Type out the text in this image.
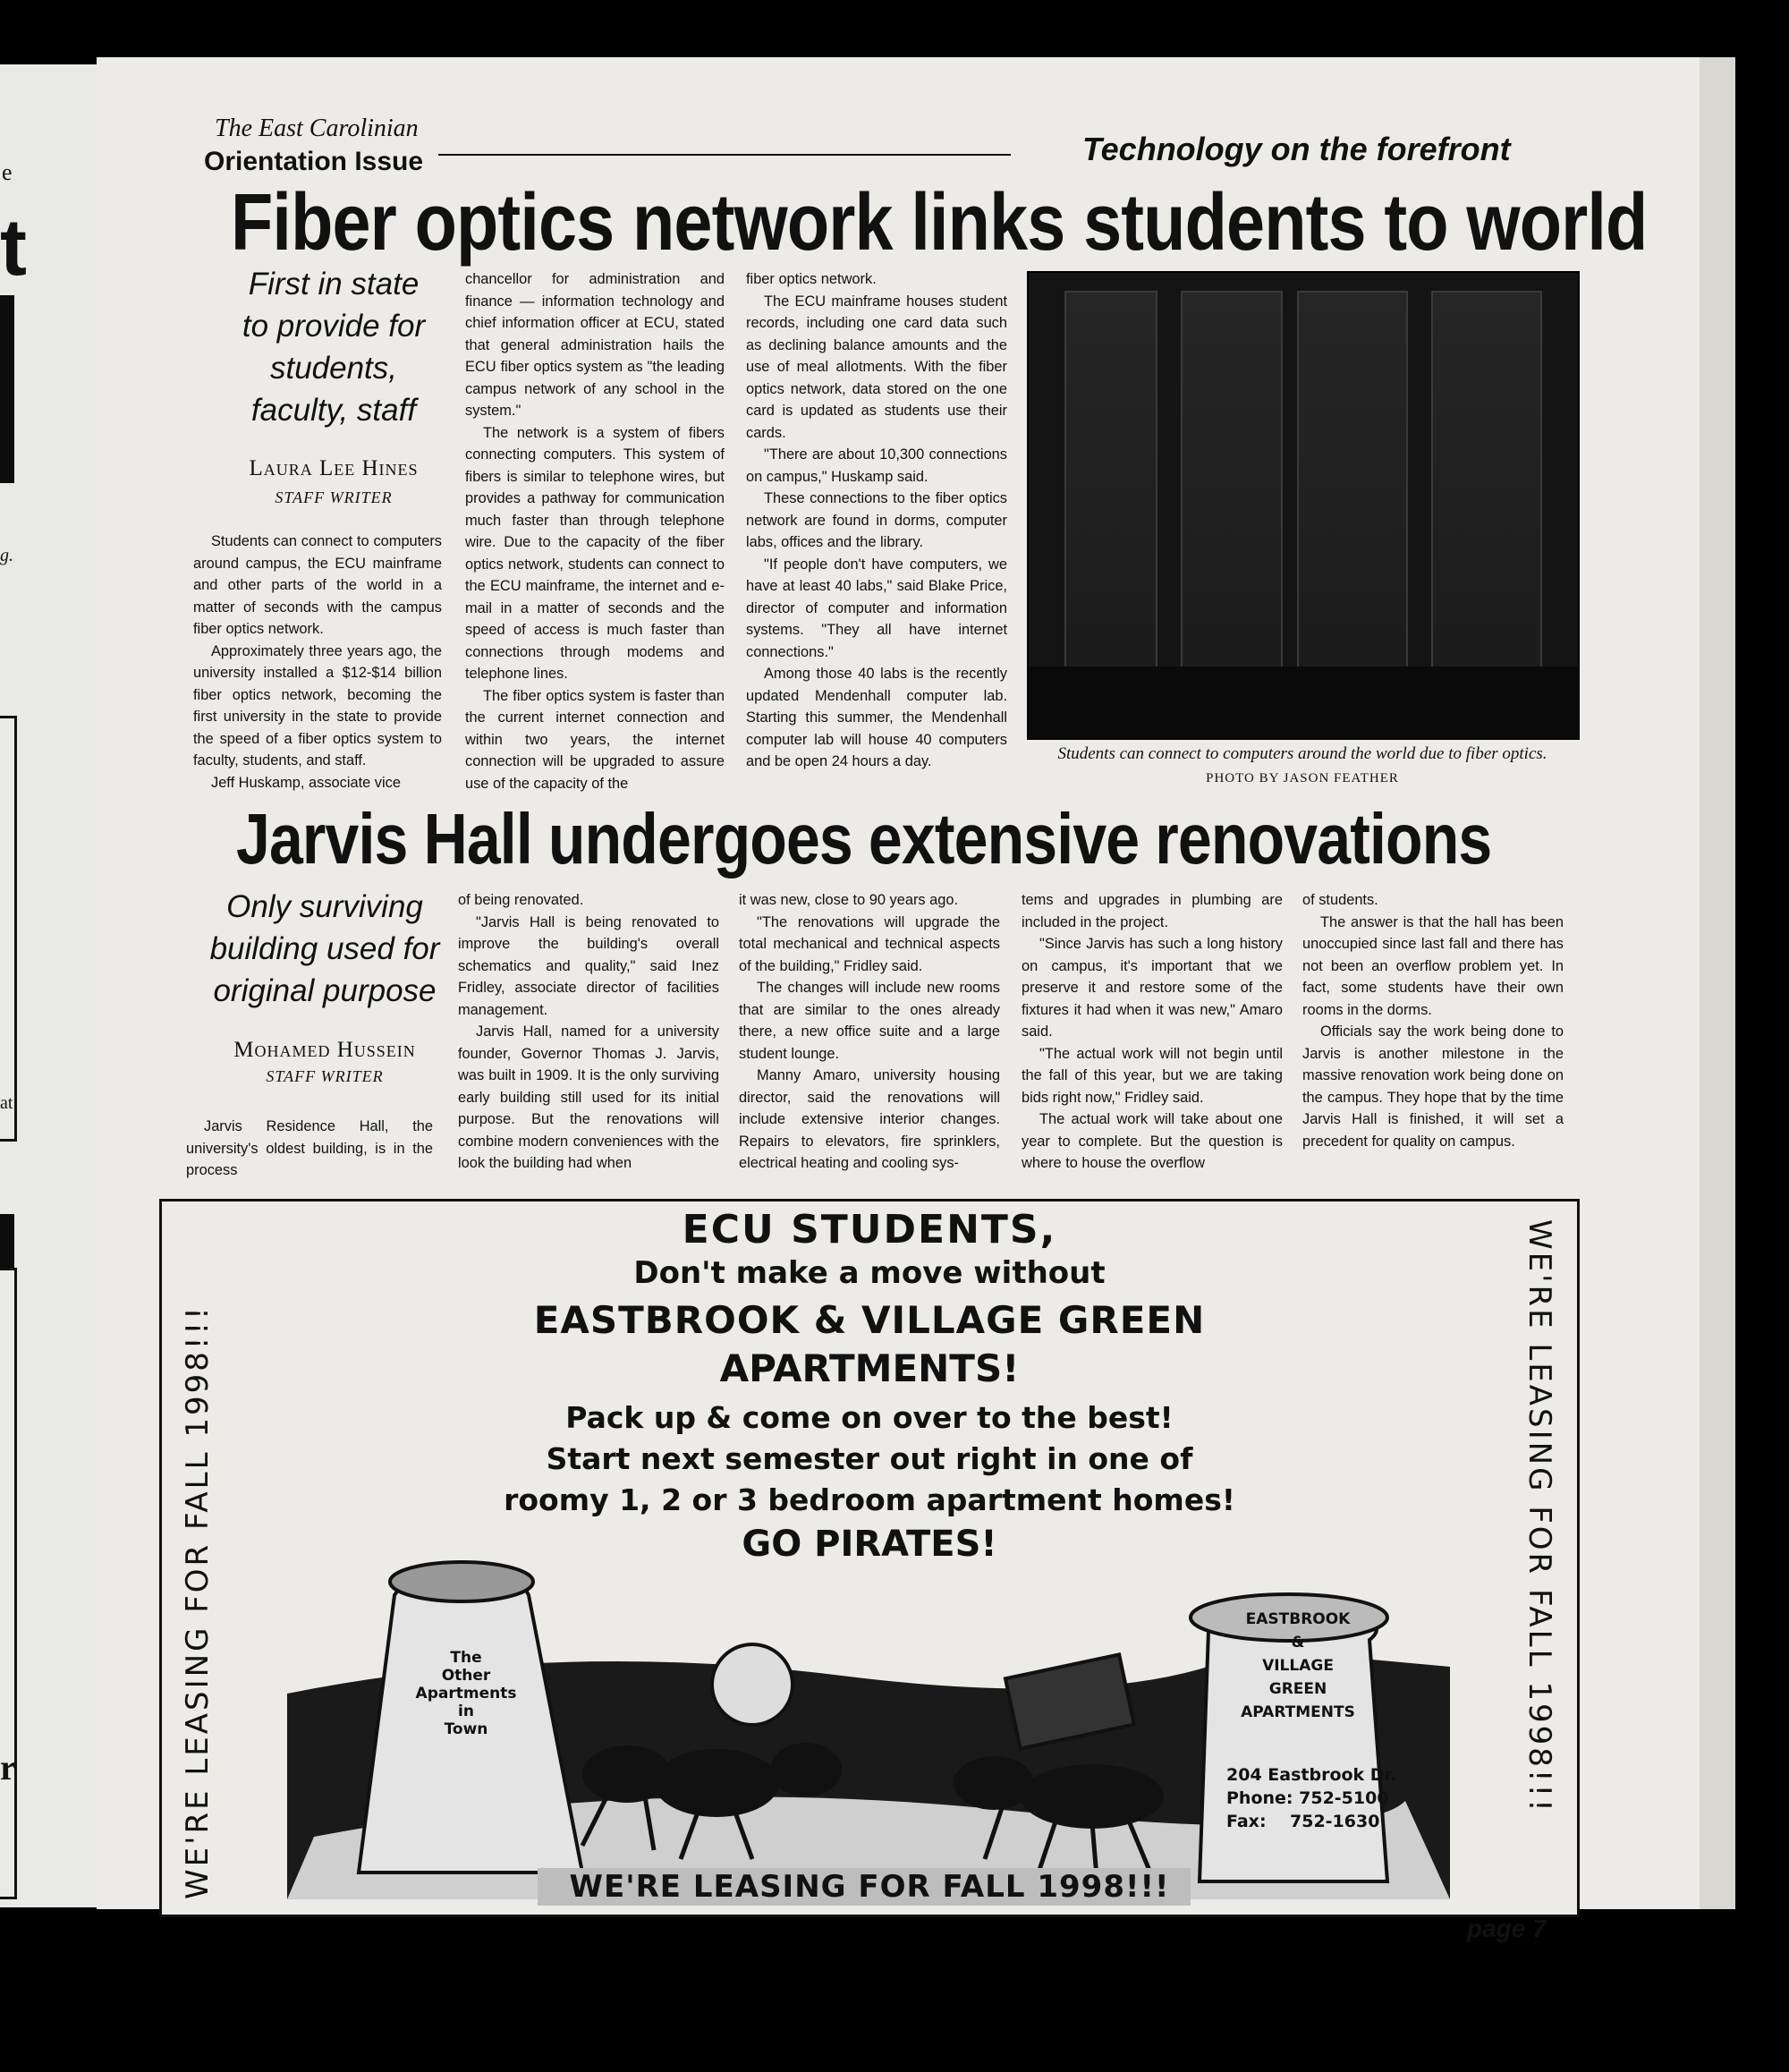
e
t
g.
at
r
The East Carolinian
Orientation Issue	Technology on the forefront
Fiber optics network links students to world
First in state
to provide for
students,
faculty, staff
Laura Lee Hines
STAFF WRITER

Students can connect to computers around campus, the ECU mainframe and other parts of the world in a matter of seconds with the campus fiber optics network.

Approximately three years ago, the university installed a $12-$14 billion fiber optics network, becoming the first university in the state to provide the speed of a fiber optics system to faculty, students, and staff.

Jeff Huskamp, associate vice

chancellor for administration and finance — information technology and chief information officer at ECU, stated that general administration hails the ECU fiber optics system as "the leading campus network of any school in the system."

The network is a system of fibers connecting computers. This system of fibers is similar to telephone wires, but provides a pathway for communication much faster than through telephone wire. Due to the capacity of the fiber optics network, students can connect to the ECU mainframe, the internet and e-mail in a matter of seconds and the speed of access is much faster than connections through modems and telephone lines.

The fiber optics system is faster than the current internet connection and within two years, the internet connection will be upgraded to assure use of the capacity of the

fiber optics network.

The ECU mainframe houses student records, including one card data such as declining balance amounts and the use of meal allotments. With the fiber optics network, data stored on the one card is updated as students use their cards.

"There are about 10,300 connections on campus," Huskamp said.

These connections to the fiber optics network are found in dorms, computer labs, offices and the library.

"If people don't have computers, we have at least 40 labs," said Blake Price, director of computer and information systems. "They all have internet connections."

Among those 40 labs is the recently updated Mendenhall computer lab. Starting this summer, the Mendenhall computer lab will house 40 computers and be open 24 hours a day.	Students can connect to computers around the world due to fiber optics.
PHOTO BY JASON FEATHER
Jarvis Hall undergoes extensive renovations
Only surviving
building used for
original purpose
Mohamed Hussein
STAFF WRITER

Jarvis Residence Hall, the university's oldest building, is in the process

of being renovated.

"Jarvis Hall is being renovated to improve the building's overall schematics and quality," said Inez Fridley, associate director of facilities management.

Jarvis Hall, named for a university founder, Governor Thomas J. Jarvis, was built in 1909. It is the only surviving early building still used for its initial purpose. But the renovations will combine modern conveniences with the look the building had when

it was new, close to 90 years ago.

"The renovations will upgrade the total mechanical and technical aspects of the building," Fridley said.

The changes will include new rooms that are similar to the ones already there, a new office suite and a large student lounge.

Manny Amaro, university housing director, said the renovations will include extensive interior changes. Repairs to elevators, fire sprinklers, electrical heating and cooling sys-

tems and upgrades in plumbing are included in the project.

"Since Jarvis has such a long history on campus, it's important that we preserve it and restore some of the fixtures it had when it was new," Amaro said.

"The actual work will not begin until the fall of this year, but we are taking bids right now," Fridley said.

The actual work will take about one year to complete. But the question is where to house the overflow

of students.

The answer is that the hall has been unoccupied since last fall and there has not been an overflow problem yet. In fact, some students have their own rooms in the dorms.

Officials say the work being done to Jarvis is another milestone in the massive renovation work being done on the campus. They hope that by the time Jarvis Hall is finished, it will set a precedent for quality on campus.

ECU STUDENTS,
Don't make a move without
EASTBROOK & VILLAGE GREEN
APARTMENTS!
Pack up & come on over to the best!
Start next semester out right in one of
roomy 1, 2 or 3 bedroom apartment homes!
GO PIRATES!
The
Other
Apartments
in
Town
EASTBROOK
&
VILLAGE
GREEN
APARTMENTS
204 Eastbrook Dr.
Phone: 752-5100
Fax:    752-1630
WE'RE LEASING FOR FALL 1998!!!	WE'RE LEASING FOR FALL 1998!!!
WE'RE LEASING FOR FALL 1998!!!
page 7
